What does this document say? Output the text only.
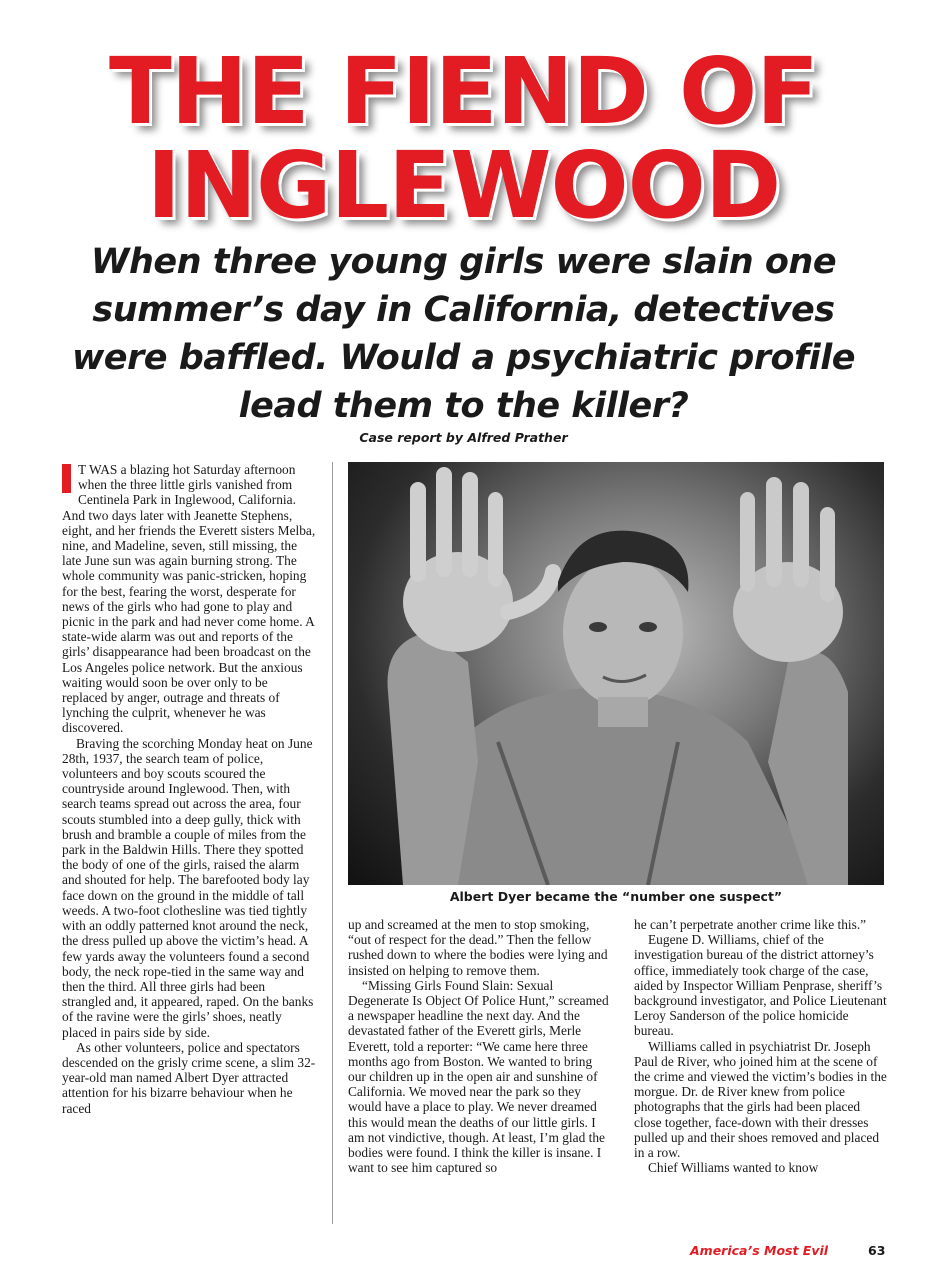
THE FIEND OF
INGLEWOOD

When three young girls were slain one summer’s day in California, detectives were baffled. Would a psychiatric profile lead them to the killer?

Case report by Alfred Prather

T WAS a blazing hot Saturday afternoon when the three little girls vanished from Centinela Park in Inglewood, California. And two days later with Jeanette Stephens, eight, and her friends the Everett sisters Melba, nine, and Madeline, seven, still missing, the late June sun was again burning strong. The whole community was panic-stricken, hoping for the best, fearing the worst, desperate for news of the girls who had gone to play and picnic in the park and had never come home. A state-wide alarm was out and reports of the girls’ disappearance had been broadcast on the Los Angeles police network. But the anxious waiting would soon be over only to be replaced by anger, outrage and threats of lynching the culprit, whenever he was discovered.

Braving the scorching Monday heat on June 28th, 1937, the search team of police, volunteers and boy scouts scoured the countryside around Inglewood. Then, with search teams spread out across the area, four scouts stumbled into a deep gully, thick with brush and bramble a couple of miles from the park in the Baldwin Hills. There they spotted the body of one of the girls, raised the alarm and shouted for help. The barefooted body lay face down on the ground in the middle of tall weeds. A two-foot clothesline was tied tightly with an oddly patterned knot around the neck, the dress pulled up above the victim’s head. A few yards away the volunteers found a second body, the neck rope-tied in the same way and then the third. All three girls had been strangled and, it appeared, raped. On the banks of the ravine were the girls’ shoes, neatly placed in pairs side by side.

As other volunteers, police and spectators descended on the grisly crime scene, a slim 32-year-old man named Albert Dyer attracted attention for his bizarre behaviour when he raced

Albert Dyer became the “number one suspect”

up and screamed at the men to stop smoking, “out of respect for the dead.” Then the fellow rushed down to where the bodies were lying and insisted on helping to remove them.

“Missing Girls Found Slain: Sexual Degenerate Is Object Of Police Hunt,” screamed a newspaper headline the next day. And the devastated father of the Everett girls, Merle Everett, told a reporter: “We came here three months ago from Boston. We wanted to bring our children up in the open air and sunshine of California. We moved near the park so they would have a place to play. We never dreamed this would mean the deaths of our little girls. I am not vindictive, though. At least, I’m glad the bodies were found. I think the killer is insane. I want to see him captured so

he can’t perpetrate another crime like this.”

Eugene D. Williams, chief of the investigation bureau of the district attorney’s office, immediately took charge of the case, aided by Inspector William Penprase, sheriff’s background investigator, and Police Lieutenant Leroy Sanderson of the police homicide bureau.

Williams called in psychiatrist Dr. Joseph Paul de River, who joined him at the scene of the crime and viewed the victim’s bodies in the morgue. Dr. de River knew from police photographs that the girls had been placed close together, face-down with their dresses pulled up and their shoes removed and placed in a row.

Chief Williams wanted to know

America’s Most Evil	63
